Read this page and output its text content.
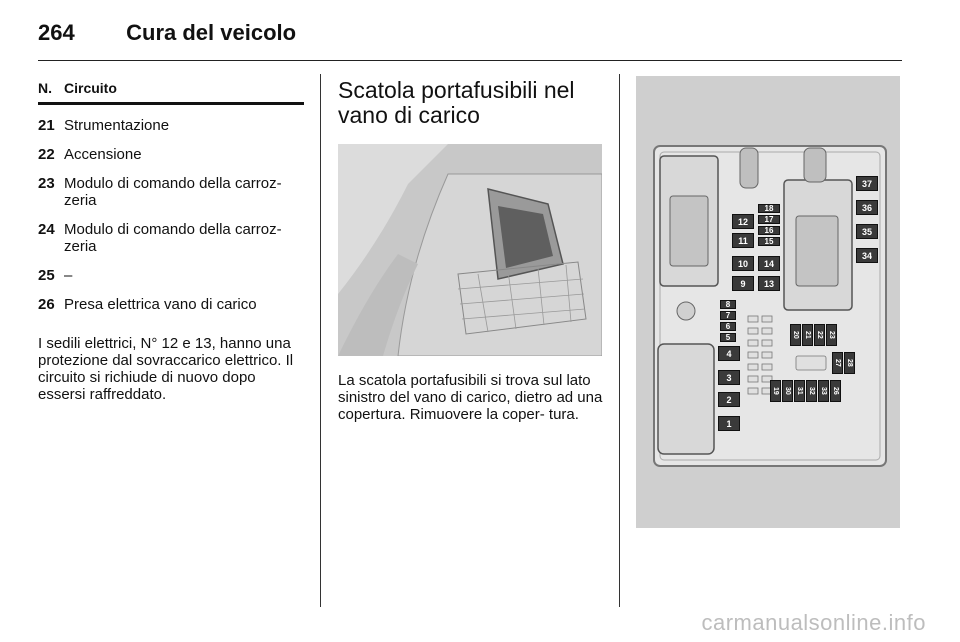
264 Cura del veicolo
N. Circuito
21 Strumentazione
22 Accensione
23 Modulo di comando della carroz- zeria
24 Modulo di comando della carroz- zeria
25 –
26 Presa elettrica vano di carico

I sedili elettrici, N° 12 e 13, hanno una protezione dal sovraccarico elettrico. Il circuito si richiude di nuovo dopo essersi raffreddato.

Scatola portafusibili nel vano di carico

La scatola portafusibili si trova sul lato sinistro del vano di carico, dietro ad una copertura. Rimuovere la coper- tura.

8
7
6
5
4
3
2
1
12
11
10
9
18
17
16
15
14
13
37
36
35
34
20 21 22 23
27 28
19 30 31 32 33 26
carmanualsonline.info
